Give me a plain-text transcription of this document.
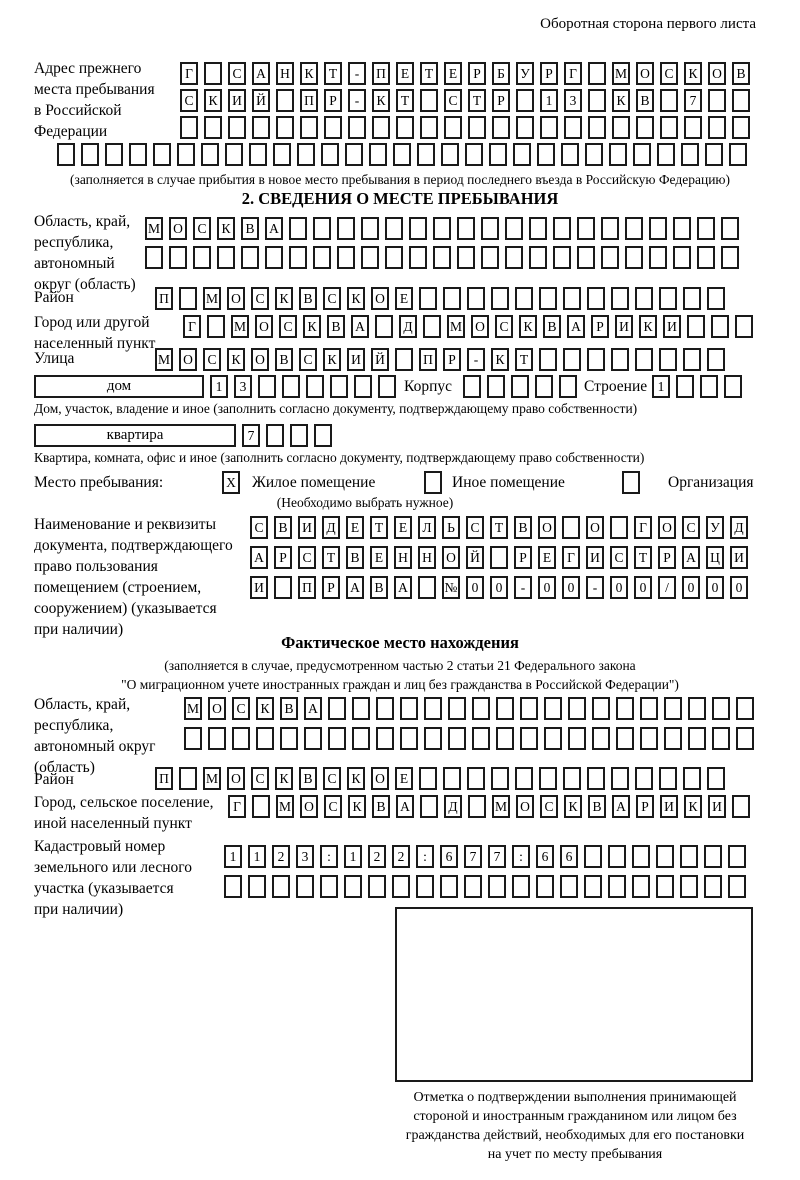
Оборотная сторона первого листа
Адрес прежнего
места пребывания
в Российской
Федерации
Г	С	А	Н	К	Т	-	П	Е	Т	Е	Р	Б	У	Р	Г	М О	С	К	О	В
С	К	И	Й	П	Р	-	К	Т	С	Т	Р	1	3	К	В	7
(заполняется в случае прибытия в новое место пребывания в период последнего въезда в Российскую Федерацию)
2. СВЕДЕНИЯ О МЕСТЕ ПРЕБЫВАНИЯ
Область, край,
республика,
автономный
округ (область)
М О	С	К	В	А
Район	П	М О	С	К	В	С	К	О	Е
Город или другой
населенный пункт
Г	М О	С	К	В	А	Д	М О	С	К	В	А	Р	И	К	И
Улица	М О	С	К	О	В	С	К	И	Й	П	Р	-	К	Т
дом	1	3	Корпус	Строение 1
Дом, участок, владение и иное (заполнить согласно документу, подтверждающему право собственности)
квартира	7
Квартира, комната, офис и иное (заполнить согласно документу, подтверждающему право собственности)
Место пребывания:	X Жилое помещение	Иное помещение	Организация
(Необходимо выбрать нужное)
Наименование и реквизиты
документа, подтверждающего
право пользования
помещением (строением,
сооружением) (указывается
при наличии)
С	В	И	Д	Е	Т	Е	Л	Ь	С	Т	В	О	О	Г	О	С	У	Д
А	Р	С	Т	В	Е	Н	Н	О	Й	Р	Е	Г	И	С	Т	Р	А	Ц	И
И	П	Р	А	В	А	№	0	0	-	0	0	-	0	0	/	0	0	0
Фактическое место нахождения
(заполняется в случае, предусмотренном частью 2 статьи 21 Федерального закона
"О миграционном учете иностранных граждан и лиц без гражданства в Российской Федерации")
Область, край,
республика,
автономный округ
(область)
М О	С	К	В	А
Район	П	М О	С	К	В	С	К	О	Е
Город, сельское поселение,
иной населенный пункт
Г	М О	С	К	В	А	Д	М О	С	К	В	А	Р	И	К	И
Кадастровый номер
земельного или лесного
участка (указывается
при наличии)
1	1	2	3	:	1	2	2	:	6	7	7	:	6	6
Отметка о подтверждении выполнения принимающей
стороной и иностранным гражданином или лицом без
гражданства действий, необходимых для его постановки
на учет по месту пребывания
